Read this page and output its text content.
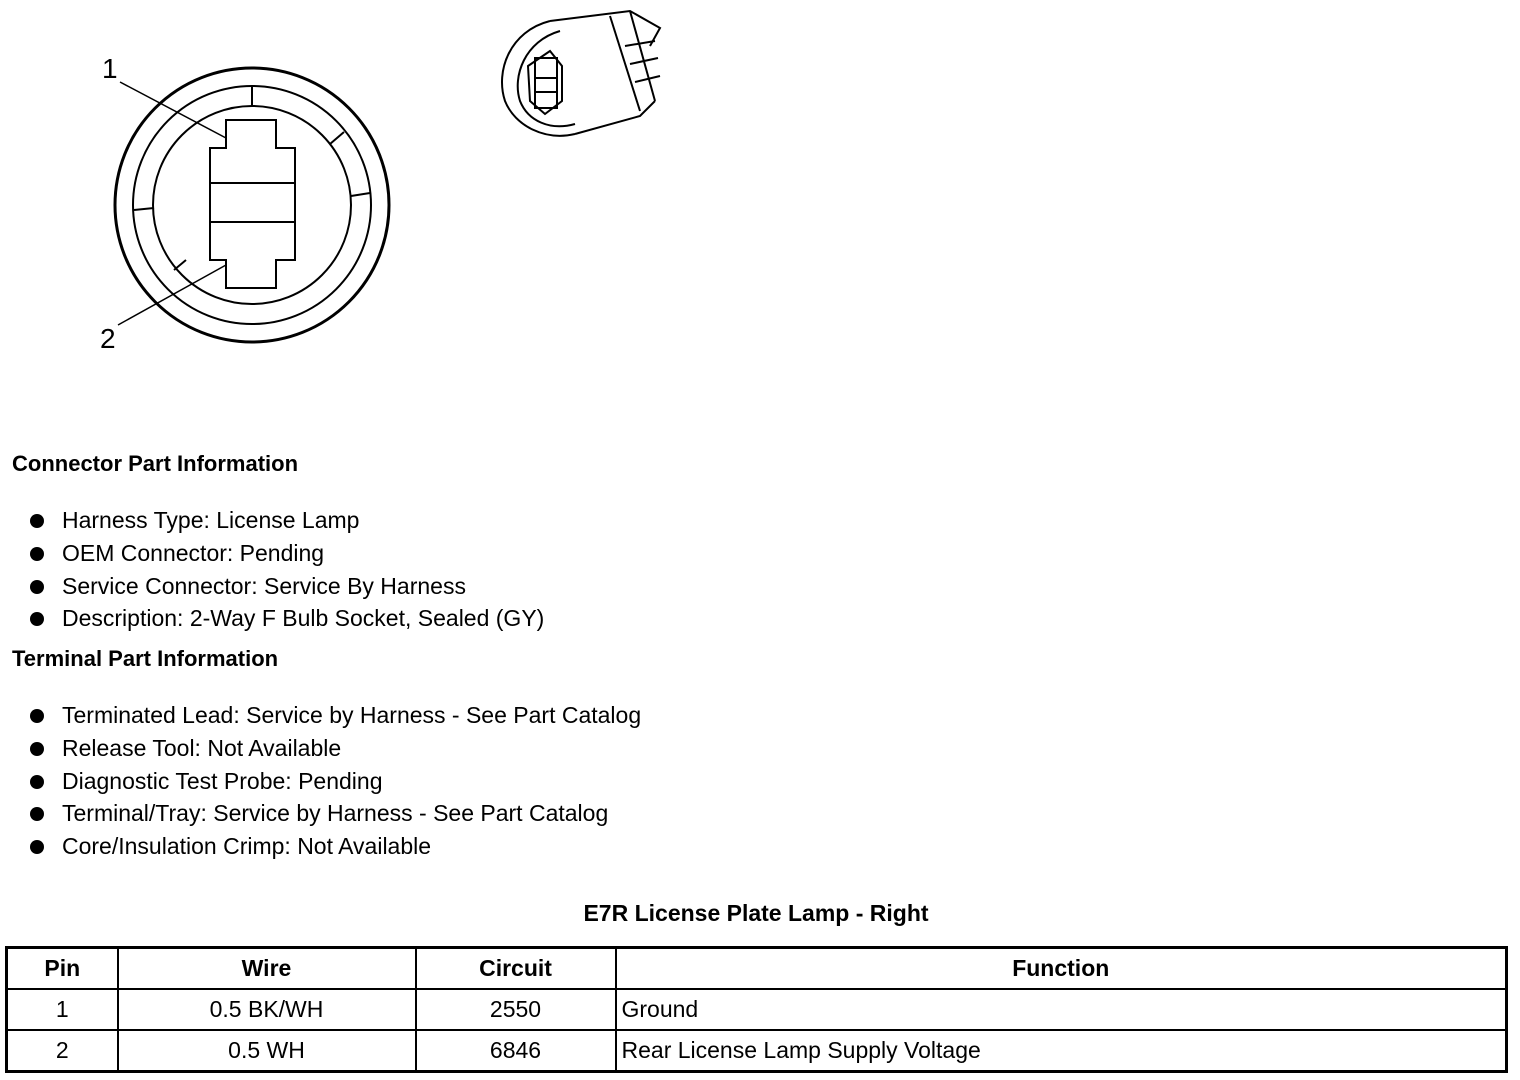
1
2
Connector Part Information
Harness Type: License Lamp
OEM Connector: Pending
Service Connector: Service By Harness
Description: 2-Way F Bulb Socket, Sealed (GY)
Terminal Part Information
Terminated Lead: Service by Harness - See Part Catalog
Release Tool: Not Available
Diagnostic Test Probe: Pending
Terminal/Tray: Service by Harness - See Part Catalog
Core/Insulation Crimp: Not Available
E7R License Plate Lamp - Right
Pin	Wire	Circuit	Function
1	0.5 BK/WH	2550	Ground
2	0.5 WH	6846	Rear License Lamp Supply Voltage
